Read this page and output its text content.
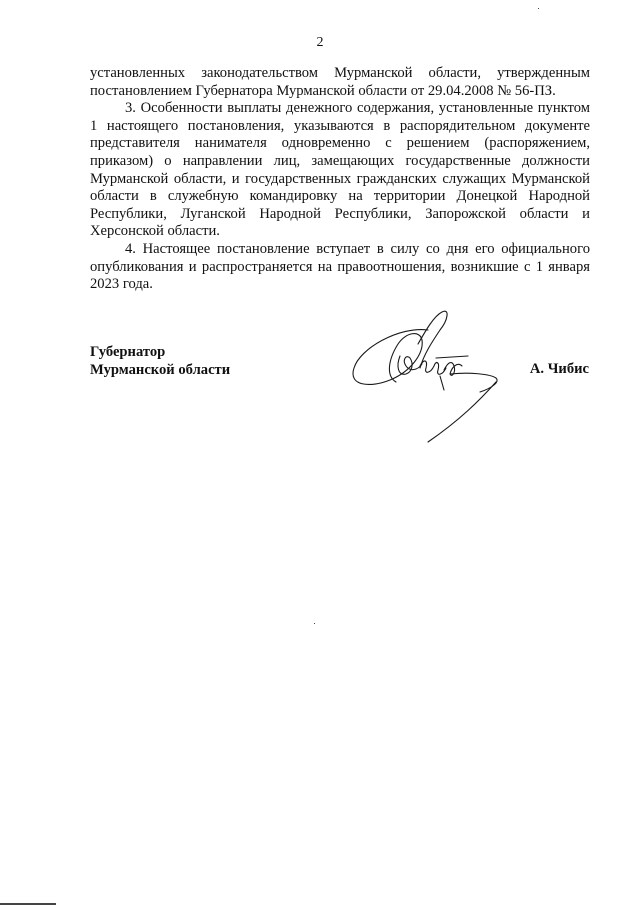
2

установленных законодательством Мурманской области, утвержденным постановлением Губернатора Мурманской области от 29.04.2008 № 56-ПЗ.

3. Особенности выплаты денежного содержания, установленные пунктом 1 настоящего постановления, указываются в распорядительном документе представителя нанимателя одновременно с решением (распоряжением, приказом) о направлении лиц, замещающих государственные должности Мурманской области, и государственных гражданских служащих Мурманской области в служебную командировку на территории Донецкой Народной Республики, Луганской Народной Республики, Запорожской области и Херсонской области.

4. Настоящее постановление вступает в силу со дня его официального опубликования и распространяется на правоотношения, возникшие с 1 января 2023 года.

Губернатор
Мурманской области	А. Чибис
